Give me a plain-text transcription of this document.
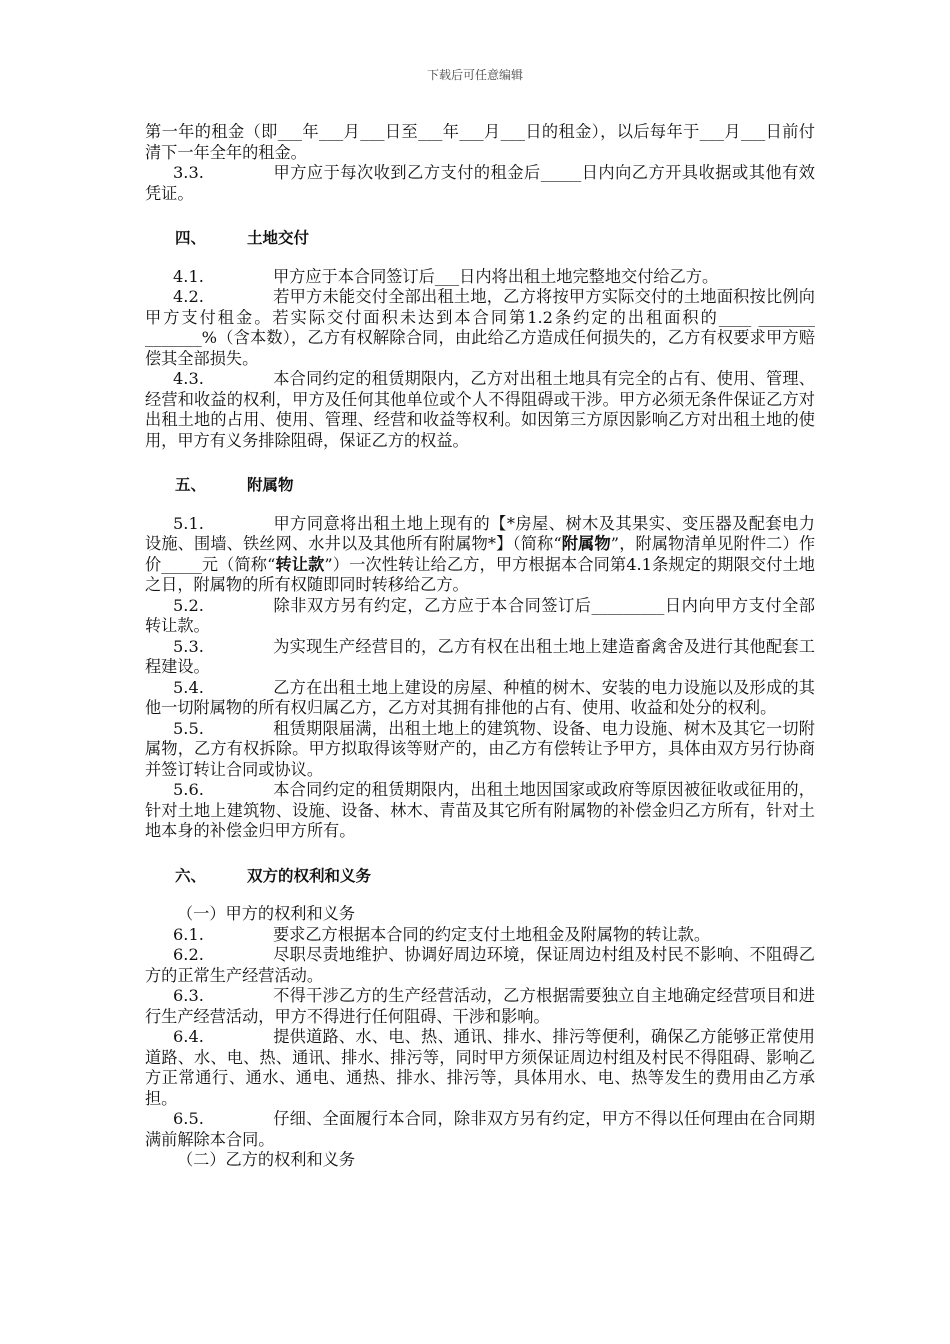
下载后可任意编辑

第一年的租金（即___年___月___日至___年___月___日的租金），以后每年于___月___日前付清下一年全年的租金。

3.3.	甲方应于每次收到乙方支付的租金后_____日内向乙方开具收据或其他有效凭证。

四、	土地交付

4.1.	甲方应于本合同签订后___日内将出租土地完整地交付给乙方。

4.2.	若甲方未能交付全部出租土地，乙方将按甲方实际交付的土地面积按比例向甲方支付租金。若实际交付面积未达到本合同第1.2条约定的出租面积的____ _______ _______%（含本数），乙方有权解除合同，由此给乙方造成任何损失的，乙方有权要求甲方赔偿其全部损失。

4.3.	本合同约定的租赁期限内，乙方对出租土地具有完全的占有、使用、管理、经营和收益的权利，甲方及任何其他单位或个人不得阻碍或干涉。甲方必须无条件保证乙方对出租土地的占用、使用、管理、经营和收益等权利。如因第三方原因影响乙方对出租土地的使用，甲方有义务排除阻碍，保证乙方的权益。

五、	附属物

5.1.	甲方同意将出租土地上现有的【*房屋、树木及其果实、变压器及配套电力设施、围墙、铁丝网、水井以及其他所有附属物*】（简称“附属物”，附属物清单见附件二）作价_____元（简称“转让款”）一次性转让给乙方，甲方根据本合同第4.1条规定的期限交付土地之日，附属物的所有权随即同时转移给乙方。

5.2.	除非双方另有约定，乙方应于本合同签订后_________日内向甲方支付全部转让款。

5.3.	为实现生产经营目的，乙方有权在出租土地上建造畜禽舍及进行其他配套工程建设。

5.4.	乙方在出租土地上建设的房屋、种植的树木、安装的电力设施以及形成的其他一切附属物的所有权归属乙方，乙方对其拥有排他的占有、使用、收益和处分的权利。

5.5.	租赁期限届满，出租土地上的建筑物、设备、电力设施、树木及其它一切附属物，乙方有权拆除。甲方拟取得该等财产的，由乙方有偿转让予甲方，具体由双方另行协商并签订转让合同或协议。

5.6.	本合同约定的租赁期限内，出租土地因国家或政府等原因被征收或征用的，针对土地上建筑物、设施、设备、林木、青苗及其它所有附属物的补偿金归乙方所有，针对土地本身的补偿金归甲方所有。

六、	双方的权利和义务

（一）甲方的权利和义务

6.1.	要求乙方根据本合同的约定支付土地租金及附属物的转让款。

6.2.	尽职尽责地维护、协调好周边环境，保证周边村组及村民不影响、不阻碍乙方的正常生产经营活动。

6.3.	不得干涉乙方的生产经营活动，乙方根据需要独立自主地确定经营项目和进行生产经营活动，甲方不得进行任何阻碍、干涉和影响。

6.4.	提供道路、水、电、热、通讯、排水、排污等便利，确保乙方能够正常使用道路、水、电、热、通讯、排水、排污等，同时甲方须保证周边村组及村民不得阻碍、影响乙方正常通行、通水、通电、通热、排水、排污等，具体用水、电、热等发生的费用由乙方承担。

6.5.	仔细、全面履行本合同，除非双方另有约定，甲方不得以任何理由在合同期满前解除本合同。

（二）乙方的权利和义务
